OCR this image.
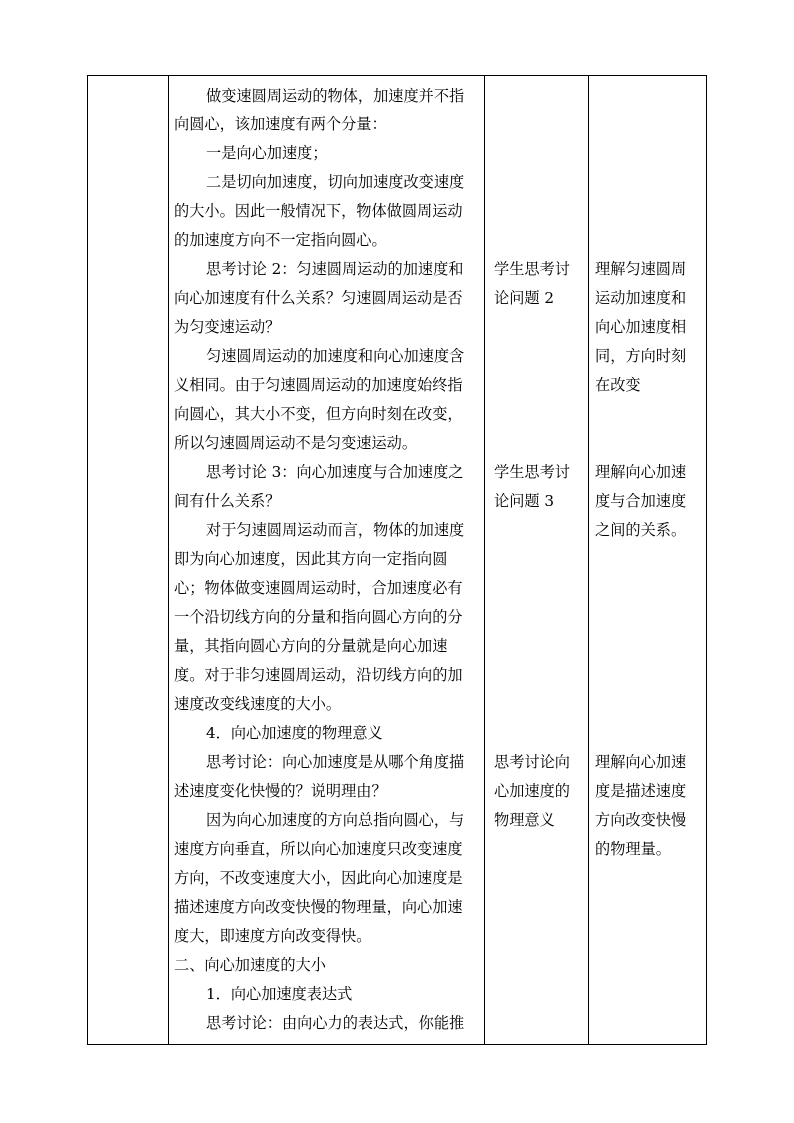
做变速圆周运动的物体，加速度并不指
向圆心，该加速度有两个分量：
一是向心加速度；
二是切向加速度，切向加速度改变速度
的大小。因此一般情况下，物体做圆周运动
的加速度方向不一定指向圆心。
思考讨论 2：匀速圆周运动的加速度和
向心加速度有什么关系？匀速圆周运动是否
为匀变速运动？
匀速圆周运动的加速度和向心加速度含
义相同。由于匀速圆周运动的加速度始终指
向圆心，其大小不变，但方向时刻在改变，
所以匀速圆周运动不是匀变速运动。
思考讨论 3：向心加速度与合加速度之
间有什么关系？
对于匀速圆周运动而言，物体的加速度
即为向心加速度，因此其方向一定指向圆
心；物体做变速圆周运动时，合加速度必有
一个沿切线方向的分量和指向圆心方向的分
量，其指向圆心方向的分量就是向心加速
度。对于非匀速圆周运动，沿切线方向的加
速度改变线速度的大小。
4．向心加速度的物理意义
思考讨论：向心加速度是从哪个角度描
述速度变化快慢的？说明理由？
因为向心加速度的方向总指向圆心，与
速度方向垂直，所以向心加速度只改变速度
方向，不改变速度大小，因此向心加速度是
描述速度方向改变快慢的物理量，向心加速
度大，即速度方向改变得快。
二、向心加速度的大小
1．向心加速度表达式
思考讨论：由向心力的表达式，你能推
学生思考讨
论问题 2
学生思考讨
论问题 3
思考讨论向
心加速度的
物理意义
理解匀速圆周
运动加速度和
向心加速度相
同，方向时刻
在改变
理解向心加速
度与合加速度
之间的关系。
理解向心加速
度是描述速度
方向改变快慢
的物理量。
